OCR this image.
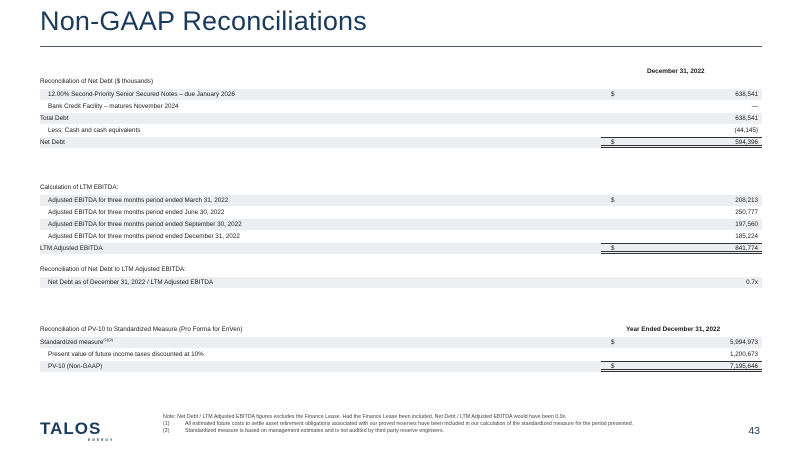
Non-GAAP Reconciliations
December 31, 2022
Reconciliation of Net Debt ($ thousands)
12.00% Second-Priority Senior Secured Notes – due January 2026	$	638,541
Bank Credit Facility – matures November 2024	—
Total Debt	638,541
Less: Cash and cash equivalents	(44,145)
Net Debt	$	594,396
Calculation of LTM EBITDA:
Adjusted EBITDA for three months period ended March 31, 2022	$	208,213
Adjusted EBITDA for three months period ended June 30, 2022	250,777
Adjusted EBITDA for three months period ended September 30, 2022	197,560
Adjusted EBITDA for three months period ended December 31, 2022	185,224
LTM Adjusted EBITDA	$	841,774
Reconciliation of Net Debt to LTM Adjusted EBITDA:
Net Debt as of December 31, 2022 / LTM Adjusted EBITDA	0.7x
Reconciliation of PV-10 to Standardized Measure (Pro Forma for EnVen)	Year Ended December 31, 2022
Standardized measure$^{(1)(2)}$	$	5,994,973
Present value of future income taxes discounted at 10%	1,200,673
PV-10 (Non-GAAP)	$	7,195,646
TALOS
ENERGY
Note: Net Debt / LTM Adjusted EBITDA figures excludes the Finance Lease. Had the Finance Lease been included, Net Debt / LTM Adjusted EBITDA would have been 0.9x.
(1)	All estimated future costs to settle asset retirement obligations associated with our proved reserves have been included in our calculation of the standardized measure for the period presented.
(2)	Standardized measure is based on management estimates and is not audited by third party reserve engineers.	43
